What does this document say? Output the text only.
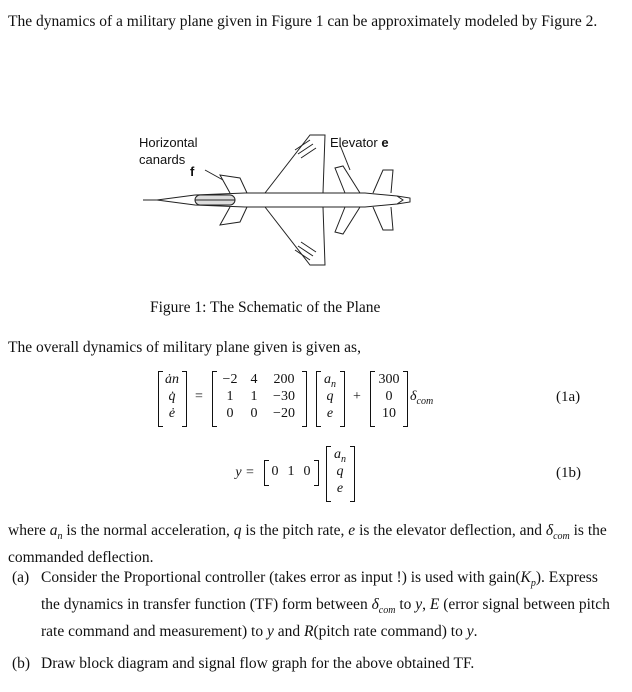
The dynamics of a military plane given in Figure 1 can be approximately modeled by Figure 2.
Horizontal
canards
f
Elevator e
Figure 1: The Schematic of the Plane
The overall dynamics of military plane given is given as,
ȧn
q̇
ė
=
−2 4	200
1	1	−30
0	0	−20
$a_n$
q
e
+
300
0
10
$\delta_{com}$	(1a)
y =	0 1 0
$a_n$
q
e
(1b)
where $a_n$ is the normal acceleration, q is the pitch rate, e is the elevator deflection, and $\delta_{com}$ is the commanded deflection.
(a) Consider the Proportional controller (takes error as input !) is used with $gain(K_p)$. Express the dynamics in transfer function (TF) form between $\delta_{com}$ to y, E (error signal between pitch rate command and measurement) to y and R(pitch rate command) to y.
(b) Draw block diagram and signal flow graph for the above obtained TF.
